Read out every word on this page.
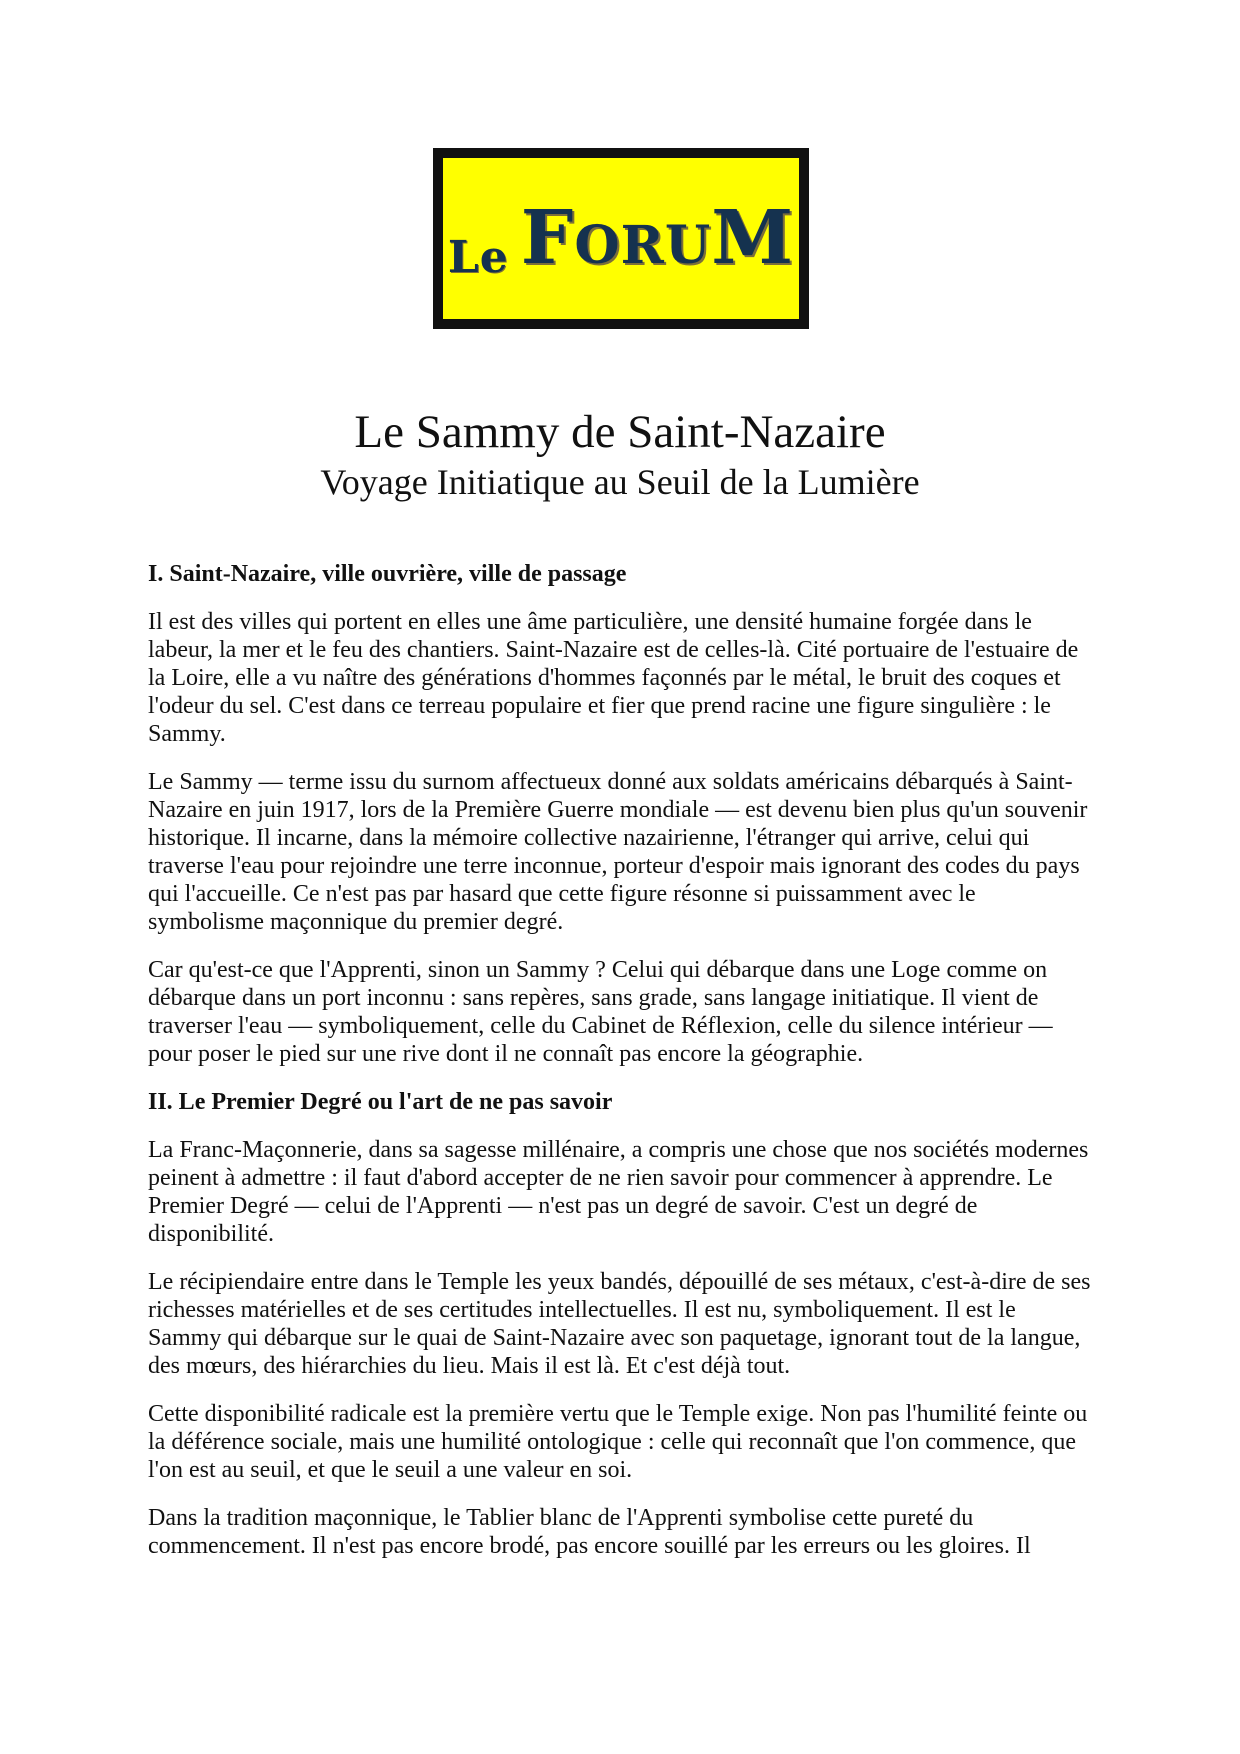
Le FORUM
Le Sammy de Saint-Nazaire
Voyage Initiatique au Seuil de la Lumière
I. Saint-Nazaire, ville ouvrière, ville de passage

Il est des villes qui portent en elles une âme particulière, une densité humaine forgée dans le labeur, la mer et le feu des chantiers. Saint-Nazaire est de celles-là. Cité portuaire de l'estuaire de la Loire, elle a vu naître des générations d'hommes façonnés par le métal, le bruit des coques et l'odeur du sel. C'est dans ce terreau populaire et fier que prend racine une figure singulière : le Sammy.

Le Sammy — terme issu du surnom affectueux donné aux soldats américains débarqués à Saint-Nazaire en juin 1917, lors de la Première Guerre mondiale — est devenu bien plus qu'un souvenir historique. Il incarne, dans la mémoire collective nazairienne, l'étranger qui arrive, celui qui traverse l'eau pour rejoindre une terre inconnue, porteur d'espoir mais ignorant des codes du pays qui l'accueille. Ce n'est pas par hasard que cette figure résonne si puissamment avec le symbolisme maçonnique du premier degré.

Car qu'est-ce que l'Apprenti, sinon un Sammy ? Celui qui débarque dans une Loge comme on débarque dans un port inconnu : sans repères, sans grade, sans langage initiatique. Il vient de traverser l'eau — symboliquement, celle du Cabinet de Réflexion, celle du silence intérieur — pour poser le pied sur une rive dont il ne connaît pas encore la géographie.

II. Le Premier Degré ou l'art de ne pas savoir

La Franc-Maçonnerie, dans sa sagesse millénaire, a compris une chose que nos sociétés modernes peinent à admettre : il faut d'abord accepter de ne rien savoir pour commencer à apprendre. Le Premier Degré — celui de l'Apprenti — n'est pas un degré de savoir. C'est un degré de disponibilité.

Le récipiendaire entre dans le Temple les yeux bandés, dépouillé de ses métaux, c'est-à-dire de ses richesses matérielles et de ses certitudes intellectuelles. Il est nu, symboliquement. Il est le Sammy qui débarque sur le quai de Saint-Nazaire avec son paquetage, ignorant tout de la langue, des mœurs, des hiérarchies du lieu. Mais il est là. Et c'est déjà tout.

Cette disponibilité radicale est la première vertu que le Temple exige. Non pas l'humilité feinte ou la déférence sociale, mais une humilité ontologique : celle qui reconnaît que l'on commence, que l'on est au seuil, et que le seuil a une valeur en soi.

Dans la tradition maçonnique, le Tablier blanc de l'Apprenti symbolise cette pureté du commencement. Il n'est pas encore brodé, pas encore souillé par les erreurs ou les gloires. Il
